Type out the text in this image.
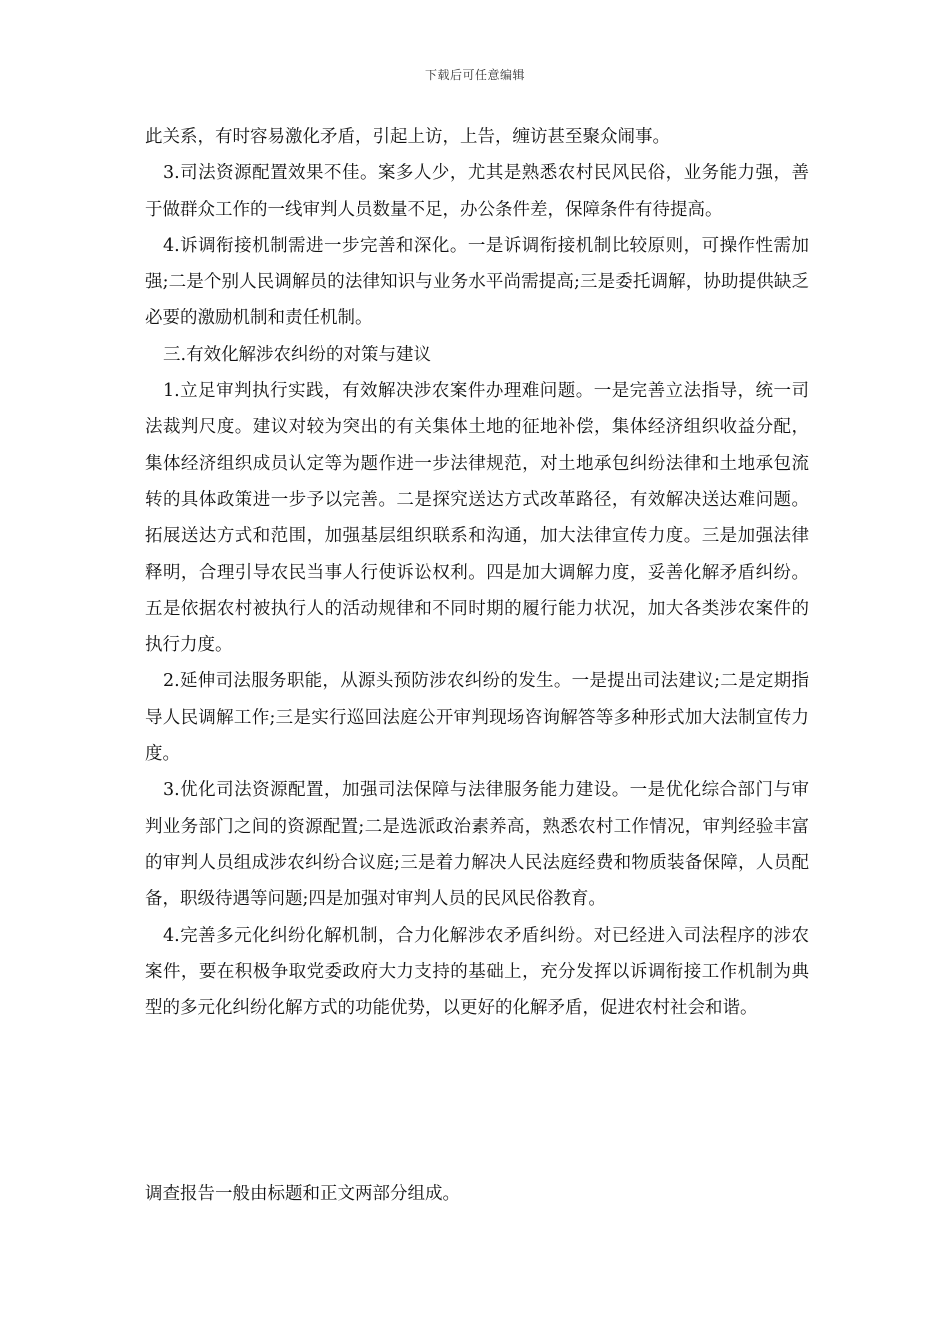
下载后可任意编辑

此关系，有时容易激化矛盾，引起上访，上告，缠访甚至聚众闹事。

3.司法资源配置效果不佳。案多人少，尤其是熟悉农村民风民俗，业务能力强，善于做群众工作的一线审判人员数量不足，办公条件差，保障条件有待提高。

4.诉调衔接机制需进一步完善和深化。一是诉调衔接机制比较原则，可操作性需加强;二是个别人民调解员的法律知识与业务水平尚需提高;三是委托调解，协助提供缺乏必要的激励机制和责任机制。

三.有效化解涉农纠纷的对策与建议

1.立足审判执行实践，有效解决涉农案件办理难问题。一是完善立法指导，统一司法裁判尺度。建议对较为突出的有关集体土地的征地补偿，集体经济组织收益分配，集体经济组织成员认定等为题作进一步法律规范，对土地承包纠纷法律和土地承包流转的具体政策进一步予以完善。二是探究送达方式改革路径，有效解决送达难问题。拓展送达方式和范围，加强基层组织联系和沟通，加大法律宣传力度。三是加强法律释明，合理引导农民当事人行使诉讼权利。四是加大调解力度，妥善化解矛盾纠纷。五是依据农村被执行人的活动规律和不同时期的履行能力状况，加大各类涉农案件的执行力度。

2.延伸司法服务职能，从源头预防涉农纠纷的发生。一是提出司法建议;二是定期指导人民调解工作;三是实行巡回法庭公开审判现场咨询解答等多种形式加大法制宣传力度。

3.优化司法资源配置，加强司法保障与法律服务能力建设。一是优化综合部门与审判业务部门之间的资源配置;二是选派政治素养高，熟悉农村工作情况，审判经验丰富的审判人员组成涉农纠纷合议庭;三是着力解决人民法庭经费和物质装备保障，人员配备，职级待遇等问题;四是加强对审判人员的民风民俗教育。

4.完善多元化纠纷化解机制，合力化解涉农矛盾纠纷。对已经进入司法程序的涉农案件，要在积极争取党委政府大力支持的基础上，充分发挥以诉调衔接工作机制为典型的多元化纠纷化解方式的功能优势，以更好的化解矛盾，促进农村社会和谐。

调查报告一般由标题和正文两部分组成。
